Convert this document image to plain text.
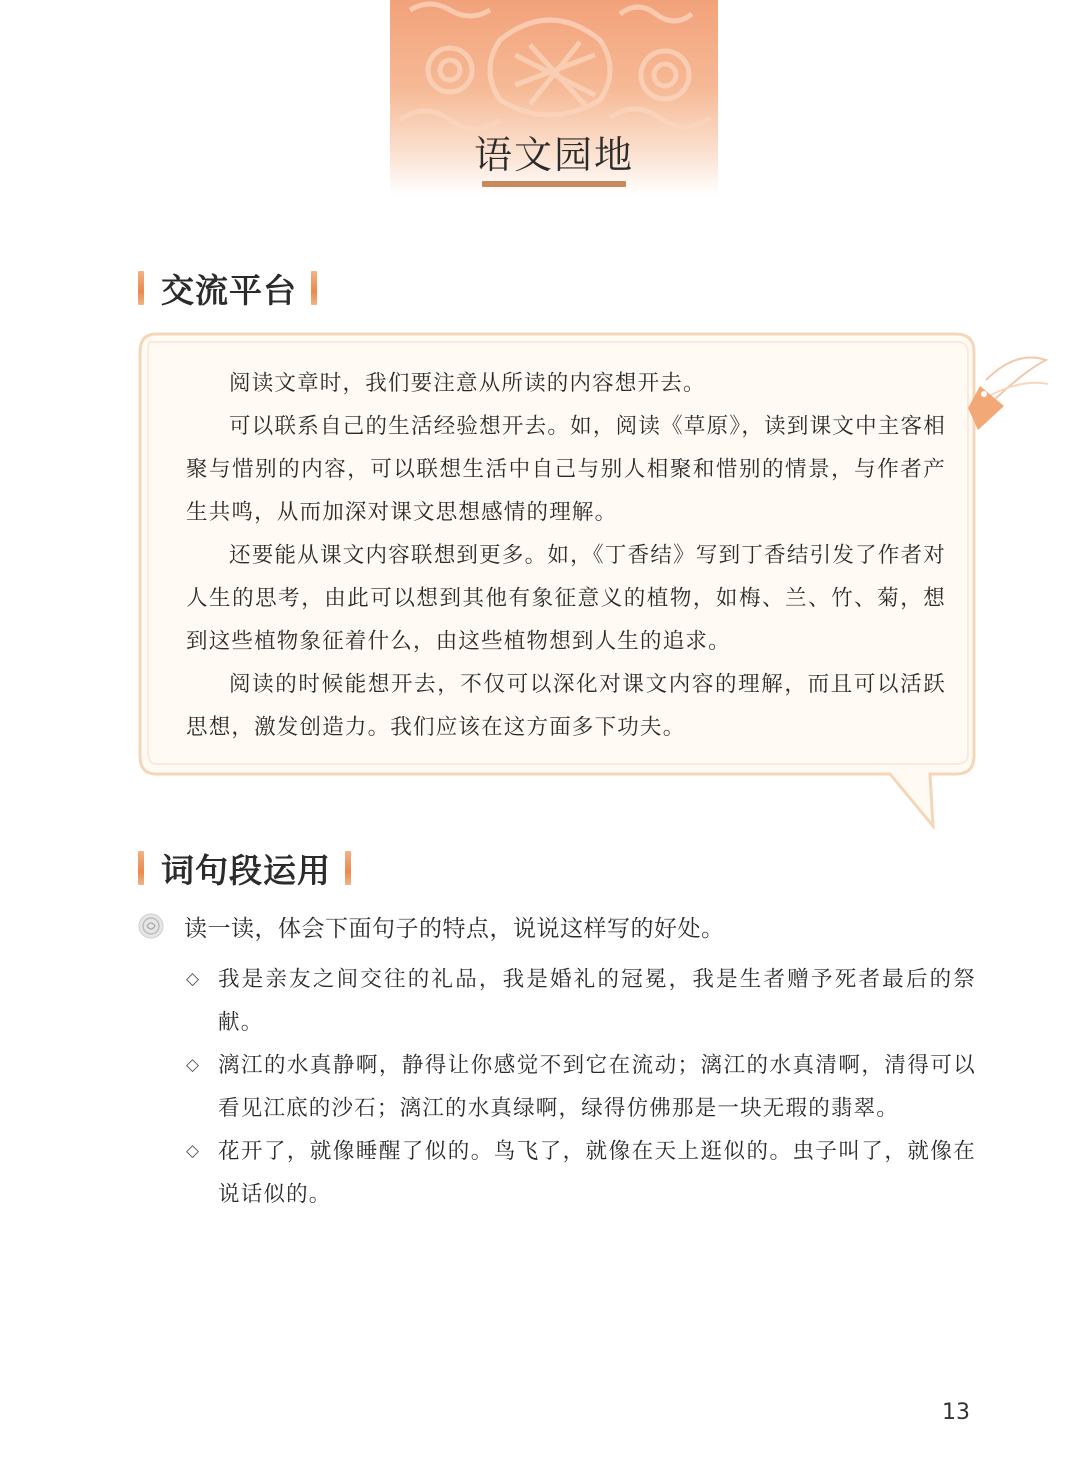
语文园地
交流平台

阅读文章时，我们要注意从所读的内容想开去。

可以联系自己的生活经验想开去。如，阅读《草原》，读到课文中主客相聚与惜别的内容，可以联想生活中自己与别人相聚和惜别的情景，与作者产生共鸣，从而加深对课文思想感情的理解。

还要能从课文内容联想到更多。如，《丁香结》写到丁香结引发了作者对人生的思考，由此可以想到其他有象征意义的植物，如梅、兰、竹、菊，想到这些植物象征着什么，由这些植物想到人生的追求。

阅读的时候能想开去，不仅可以深化对课文内容的理解，而且可以活跃思想，激发创造力。我们应该在这方面多下功夫。

词句段运用
读一读，体会下面句子的特点，说说这样写的好处。
◇ 我是亲友之间交往的礼品，我是婚礼的冠冕，我是生者赠予死者最后的祭献。
◇ 漓江的水真静啊，静得让你感觉不到它在流动；漓江的水真清啊，清得可以看见江底的沙石；漓江的水真绿啊，绿得仿佛那是一块无瑕的翡翠。
◇ 花开了，就像睡醒了似的。鸟飞了，就像在天上逛似的。虫子叫了，就像在说话似的。
13
